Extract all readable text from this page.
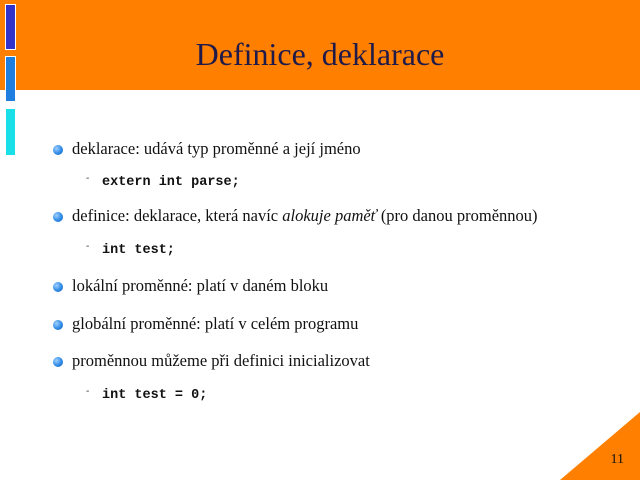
Definice, deklarace
deklarace: udává typ proměnné a její jméno
- extern int parse;
definice: deklarace, která navíc alokuje paměť (pro danou proměnnou)
- int test;
lokální proměnné: platí v daném bloku
globální proměnné: platí v celém programu
proměnnou můžeme při definici inicializovat
- int test = 0;
11
